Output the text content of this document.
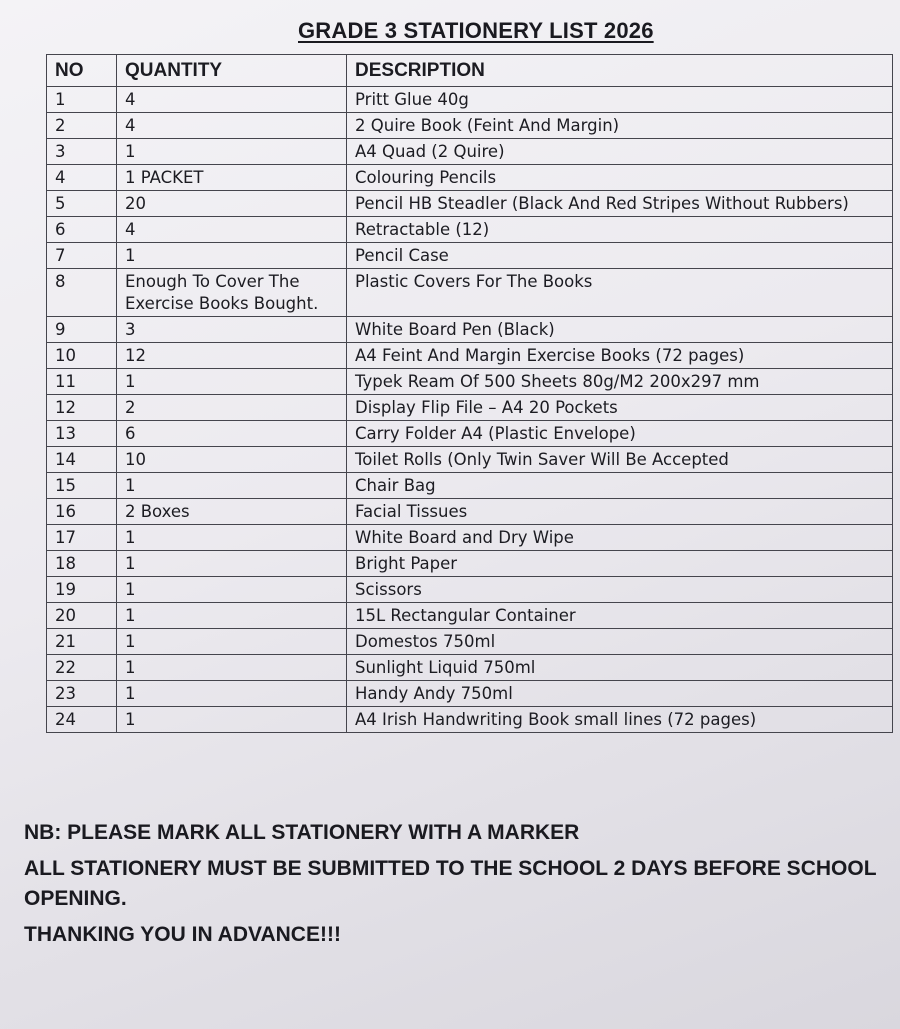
GRADE 3 STATIONERY LIST 2026
NO	QUANTITY	DESCRIPTION
1	4	Pritt Glue 40g
2	4	2 Quire Book (Feint And Margin)
3	1	A4 Quad (2 Quire)
4	1 PACKET	Colouring Pencils
5	20	Pencil HB Steadler (Black And Red Stripes Without Rubbers)
6	4	Retractable (12)
7	1	Pencil Case
8	Enough To Cover The Exercise Books Bought.	Plastic Covers For The Books
9	3	White Board Pen (Black)
10	12	A4 Feint And Margin Exercise Books (72 pages)
11	1	Typek Ream Of 500 Sheets 80g/M2 200x297 mm
12	2	Display Flip File – A4 20 Pockets
13	6	Carry Folder A4 (Plastic Envelope)
14	10	Toilet Rolls (Only Twin Saver Will Be Accepted
15	1	Chair Bag
16	2 Boxes	Facial Tissues
17	1	White Board and Dry Wipe
18	1	Bright Paper
19	1	Scissors
20	1	15L Rectangular Container
21	1	Domestos 750ml
22	1	Sunlight Liquid 750ml
23	1	Handy Andy 750ml
24	1	A4 Irish Handwriting Book small lines (72 pages)

NB: PLEASE MARK ALL STATIONERY WITH A MARKER

ALL STATIONERY MUST BE SUBMITTED TO THE SCHOOL 2 DAYS BEFORE SCHOOL OPENING.

THANKING YOU IN ADVANCE!!!
